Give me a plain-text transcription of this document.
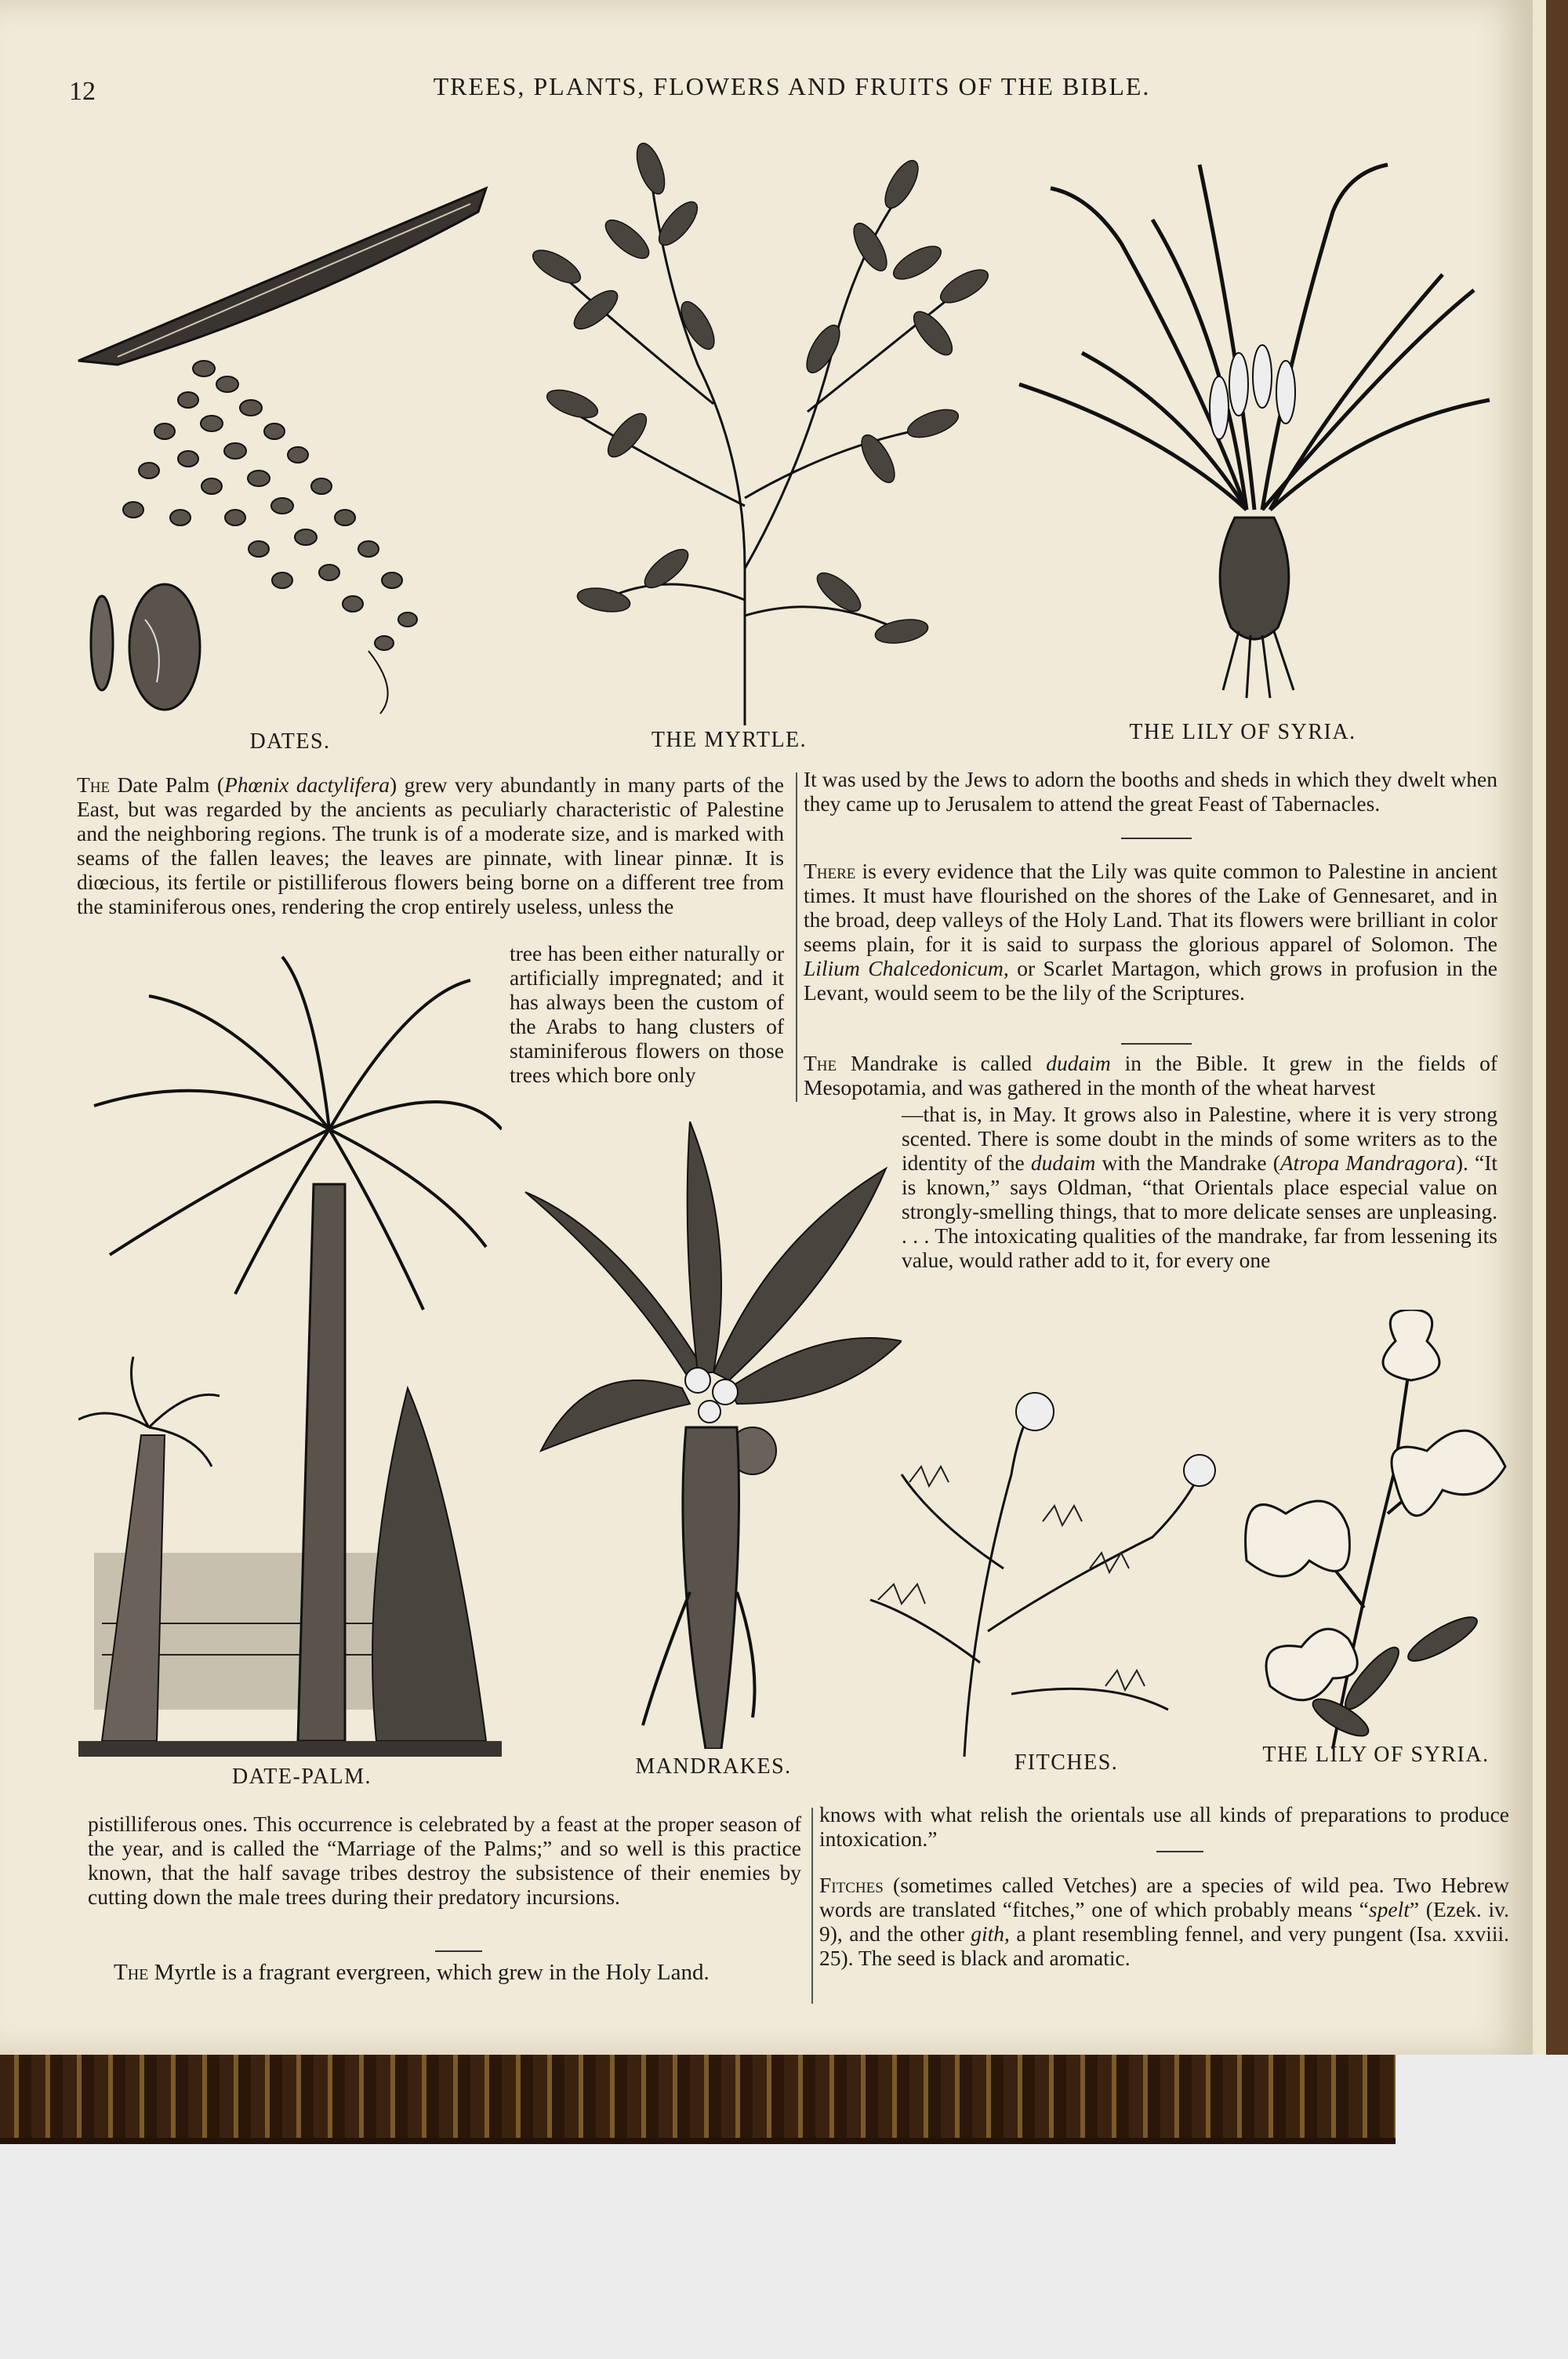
12	TREES, PLANTS, FLOWERS AND FRUITS OF THE BIBLE.
DATES.	THE MYRTLE.	THE LILY OF SYRIA.

The Date Palm (Phœnix dactylifera) grew very abundantly in many parts of the East, but was regarded by the ancients as peculiarly characteristic of Palestine and the neighboring regions. The trunk is of a moderate size, and is marked with seams of the fallen leaves; the leaves are pinnate, with linear pinnæ. It is diœcious, its fertile or pistilliferous flowers being borne on a different tree from the staminiferous ones, rendering the crop entirely useless, unless the

tree has been either naturally or artificially impregnated; and it has always been the custom of the Arabs to hang clusters of staminiferous flowers on those trees which bore only

DATE-PALM.

It was used by the Jews to adorn the booths and sheds in which they dwelt when they came up to Jerusalem to attend the great Feast of Tabernacles.

There is every evidence that the Lily was quite common to Palestine in ancient times. It must have flourished on the shores of the Lake of Gennesaret, and in the broad, deep valleys of the Holy Land. That its flowers were brilliant in color seems plain, for it is said to surpass the glorious apparel of Solomon. The Lilium Chalcedonicum, or Scarlet Martagon, which grows in profusion in the Levant, would seem to be the lily of the Scriptures.

The Mandrake is called dudaim in the Bible. It grew in the fields of Mesopotamia, and was gathered in the month of the wheat harvest

—that is, in May. It grows also in Palestine, where it is very strong scented. There is some doubt in the minds of some writers as to the identity of the dudaim with the Mandrake (Atropa Mandragora). “It is known,” says Oldman, “that Orientals place especial value on strongly-smelling things, that to more delicate senses are unpleasing. . . . The intoxicating qualities of the mandrake, far from lessening its value, would rather add to it, for every one

MANDRAKES.	FITCHES.	THE LILY OF SYRIA.

pistilliferous ones. This occurrence is celebrated by a feast at the proper season of the year, and is called the “Marriage of the Palms;” and so well is this practice known, that the half savage tribes destroy the subsistence of their enemies by cutting down the male trees during their predatory incursions.

The Myrtle is a fragrant evergreen, which grew in the Holy Land.

knows with what relish the orientals use all kinds of preparations to produce intoxication.”

Fitches (sometimes called Vetches) are a species of wild pea. Two Hebrew words are translated “fitches,” one of which probably means “spelt” (Ezek. iv. 9), and the other gith, a plant resembling fennel, and very pungent (Isa. xxviii. 25). The seed is black and aromatic.
